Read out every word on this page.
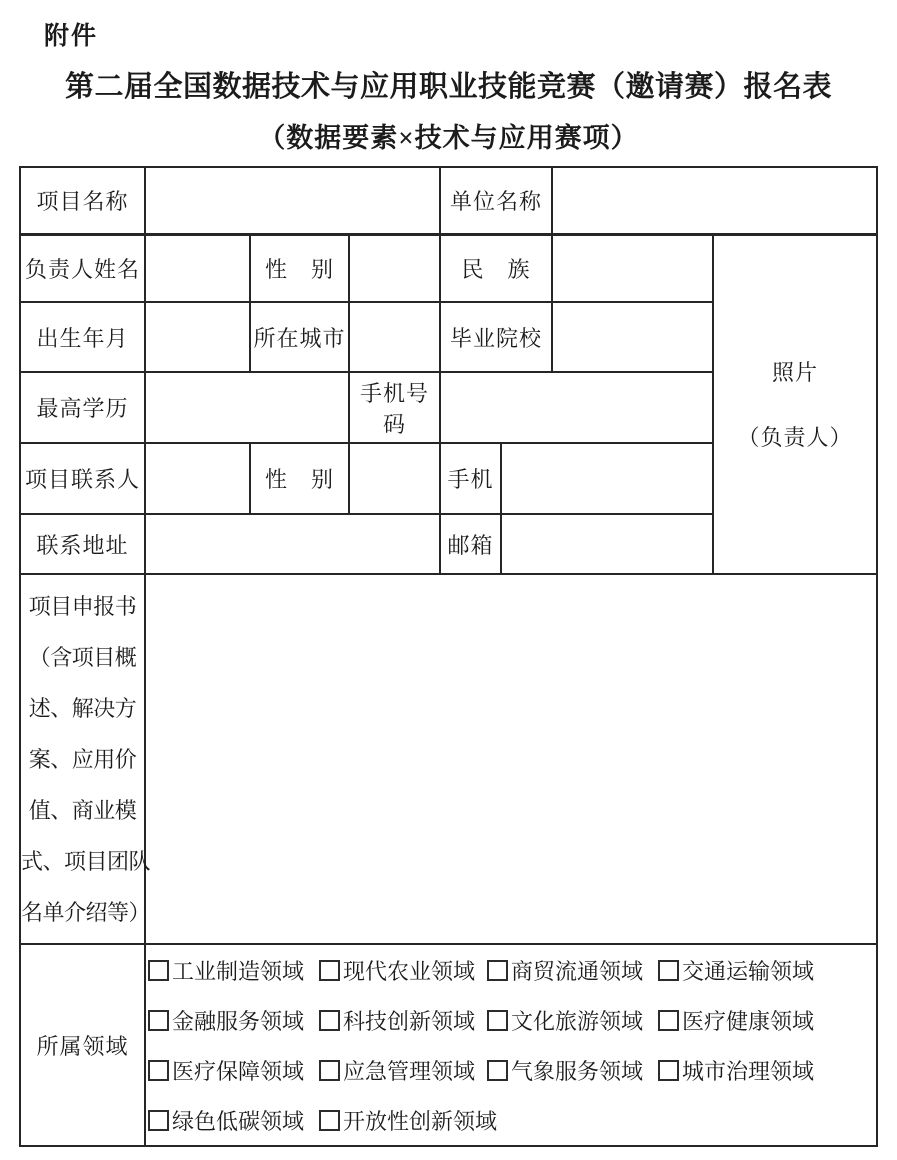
附件
第二届全国数据技术与应用职业技能竞赛（邀请赛）报名表
（数据要素×技术与应用赛项）
项目名称				单位名称			
负责人姓名		性　别		民　族			照片
（负责人）

出生年月		所在城市		毕业院校			
最高学历			手机号码				
项目联系人		性　别		手机			
联系地址				邮箱			

项目申报书
（含项目概
述、解决方
案、应用价
值、商业模
式、项目团队
名单介绍等）

所属领域	
工业制造领域 现代农业领域 商贸流通领域 交通运输领域
金融服务领域 科技创新领域 文化旅游领域 医疗健康领域
医疗保障领域 应急管理领域 气象服务领域 城市治理领域
绿色低碳领域 开放性创新领域
